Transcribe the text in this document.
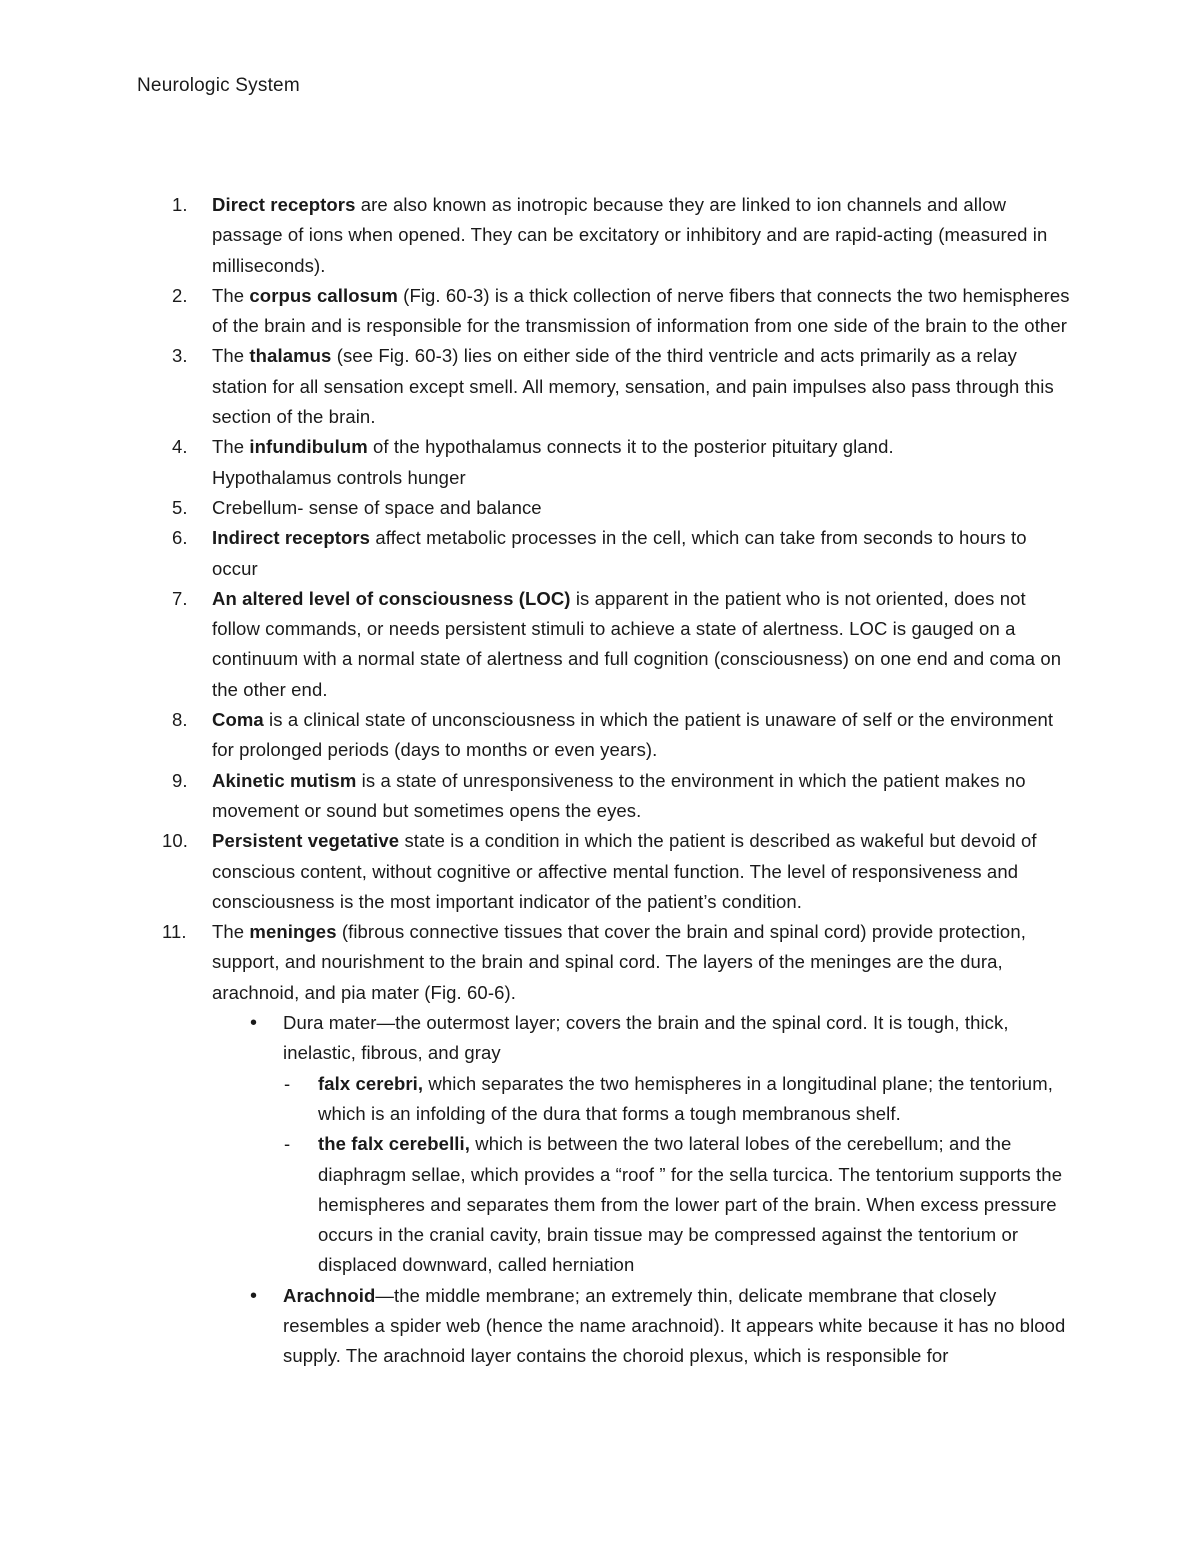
Neurologic System
1.	Direct receptors are also known as inotropic because they are linked to ion channels and allow passage of ions when opened. They can be excitatory or inhibitory and are rapid-acting (measured in milliseconds).

2.	The corpus callosum (Fig. 60-3) is a thick collection of nerve fibers that connects the two hemispheres of the brain and is responsible for the transmission of information from one side of the brain to the other

3.	The thalamus (see Fig. 60-3) lies on either side of the third ventricle and acts primarily as a relay station for all sensation except smell. All memory, sensation, and pain impulses also pass through this section of the brain.

4.	The infundibulum of the hypothalamus connects it to the posterior pituitary gland.

Hypothalamus controls hunger

5.	Crebellum- sense of space and balance

6.	Indirect receptors affect metabolic processes in the cell, which can take from seconds to hours to occur

7.	An altered level of consciousness (LOC) is apparent in the patient who is not oriented, does not follow commands, or needs persistent stimuli to achieve a state of alertness. LOC is gauged on a continuum with a normal state of alertness and full cognition (consciousness) on one end and coma on the other end.

8.	Coma is a clinical state of unconsciousness in which the patient is unaware of self or the environment for prolonged periods (days to months or even years).

9.	Akinetic mutism is a state of unresponsiveness to the environment in which the patient makes no movement or sound but sometimes opens the eyes.

10.	Persistent vegetative state is a condition in which the patient is described as wakeful but devoid of conscious content, without cognitive or affective mental function. The level of responsiveness and consciousness is the most important indicator of the patient’s condition.

11.	The meninges (fibrous connective tissues that cover the brain and spinal cord) provide protection, support, and nourishment to the brain and spinal cord. The layers of the meninges are the dura, arachnoid, and pia mater (Fig. 60-6).

• Dura mater—the outermost layer; covers the brain and the spinal cord. It is tough, thick, inelastic, fibrous, and gray

- falx cerebri, which separates the two hemispheres in a longitudinal plane; the tentorium, which is an infolding of the dura that forms a tough membranous shelf.

- the falx cerebelli, which is between the two lateral lobes of the cerebellum; and the diaphragm sellae, which provides a “roof ” for the sella turcica. The tentorium supports the hemispheres and separates them from the lower part of the brain. When excess pressure occurs in the cranial cavity, brain tissue may be compressed against the tentorium or displaced downward, called herniation

• Arachnoid—the middle membrane; an extremely thin, delicate membrane that closely resembles a spider web (hence the name arachnoid). It appears white because it has no blood supply. The arachnoid layer contains the choroid plexus, which is responsible for
